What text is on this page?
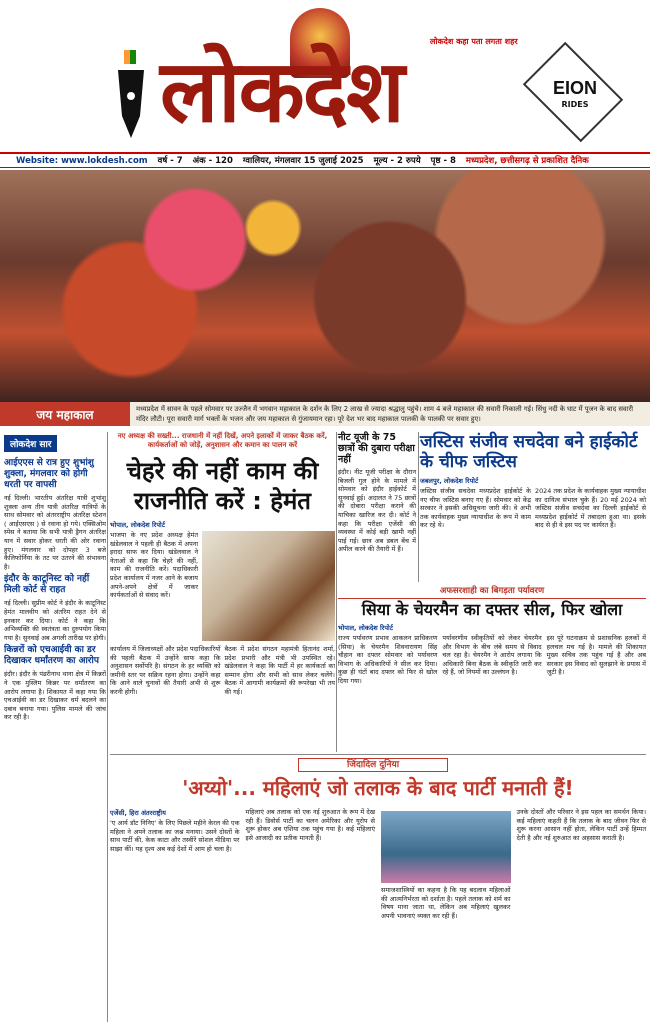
लोकदेश कहा पता लगता शहर
लोकदेश	EION
RIDES
Website: www.lokdesh.com वर्ष - 7 अंक - 120 ग्वालियर, मंगलवार 15 जुलाई 2025 मूल्य - 2 रुपये पृष्ठ - 8 मध्यप्रदेश, छत्तीसगढ़ से प्रकाशित दैनिक
जय महाकाल	मध्यप्रदेश में सावन के पहले सोमवार पर उज्जैन में भगवान महाकाल के दर्शन के लिए 2 लाख से ज्यादा श्रद्धालु पहुंचे। शाम 4 बजे महाकाल की सवारी निकाली गई। सिंधु नदी के घाट में पूजन के बाद सवारी मंदिर लौटी। पूरा सवारी मार्ग भक्तों के भजन और जय महाकाल से गुंजायमान रहा। पूरे देश भर बाद महाकाल पालकी के पालकी पर सवार हुए।
लोकदेश सार
आईएएस से रात्र हुए शुभांशु शुक्ला, मंगलवार को होगी धरती पर वापसी
नई दिल्ली। भारतीय अंतरिक्ष यात्री शुभांशु शुक्ला अन्य तीन यात्री अंतरिक्ष यात्रियों के साथ सोमवार को अंतरराष्ट्रीय अंतरिक्ष स्टेशन ( आईएसएस ) से रवाना हो गये। एक्सिओम स्पेस ने बताया कि सभी यात्री ड्रैगन अंतरिक्ष यान में सवार होकर धरती की ओर रवाना हुए। मंगलवार को दोपहर 3 बजे कैलिफोर्निया के तट पर उतरने की संभावना है।
इंदौर के काटूनिस्ट को नहीं मिली कोर्ट से राहत
नई दिल्ली। सुप्रीम कोर्ट ने इंदौर के काटूनिस्ट हेमंत मालवीय को अंतरिम राहत देने से इनकार कर दिया। कोर्ट ने कहा कि अभिव्यक्ति की स्वतंत्रता का दुरुपयोग किया गया है। सुनवाई अब अगली तारीख पर होगी।
किन्नरों को एचआईवी का डर दिखाकर धर्मांतरण का आरोप
इंदौर। इंदौर के पंढरीनाथ थाना क्षेत्र में किन्नरों ने एक मुस्लिम किन्नर पर धर्मांतरण का आरोप लगाया है। शिकायत में कहा गया कि एचआईवी का डर दिखाकर धर्म बदलने का दबाव बनाया गया। पुलिस मामले की जांच कर रही है।
नए अध्यक्ष की सख्ती... राजधानी में नहीं दिखें, अपने इलाकों में जाकर बैठक करें, कार्यकर्ताओं को जोड़ें, अनुशासन और कमान का पालन करें
चेहरे की नहीं काम की राजनीति करें : हेमंत
भोपाल, लोकदेश रिपोर्ट
भाजपा के नए प्रदेश अध्यक्ष हेमंत खंडेलवाल ने पहली ही बैठक में अपना इरादा साफ कर दिया। खंडेलवाल ने नेताओं से कहा कि चेहरे की नहीं, काम की राजनीति करें। पदाधिकारी प्रदेश कार्यालय में नजर आने के बजाय अपने-अपने क्षेत्रों में जाकर कार्यकर्ताओं से संवाद करें।
कार्यालय में जिलाध्यक्षों और प्रदेश पदाधिकारियों की पहली बैठक में उन्होंने साफ कहा कि अनुशासन सर्वोपरि है। संगठन के हर व्यक्ति को जमीनी स्तर पर सक्रिय रहना होगा। उन्होंने कहा कि आने वाले चुनावों की तैयारी अभी से शुरू करनी होगी।
बैठक में प्रदेश संगठन महामंत्री हितानंद शर्मा, प्रदेश प्रभारी और मंत्री भी उपस्थित रहे। खंडेलवाल ने कहा कि पार्टी में हर कार्यकर्ता का सम्मान होगा और सभी को साथ लेकर चलेंगे। बैठक में आगामी कार्यक्रमों की रूपरेखा भी तय की गई।
नीट यूजी के 75 छात्रों की दुबारा परीक्षा नहीं
इंदौर। नीट यूजी परीक्षा के दौरान बिजली गुल होने के मामले में सोमवार को इंदौर हाईकोर्ट में सुनवाई हुई। अदालत ने 75 छात्रों की दोबारा परीक्षा कराने की याचिका खारिज कर दी। कोर्ट ने कहा कि परीक्षा एजेंसी की व्यवस्था में कोई बड़ी खामी नहीं पाई गई। छात्र अब डबल बेंच में अपील करने की तैयारी में हैं।
जस्टिस संजीव सचदेवा बने हाईकोर्ट के चीफ जस्टिस
जबलपुर, लोकदेश रिपोर्ट
जस्टिस संजीव सचदेवा मध्यप्रदेश हाईकोर्ट के नए चीफ जस्टिस बनाए गए हैं। सोमवार को केंद्र सरकार ने इसकी अधिसूचना जारी की। वे अभी तक कार्यवाहक मुख्य न्यायाधीश के रूप में काम कर रहे थे।
2024 तक प्रदेश के कार्यवाहक मुख्य न्यायाधीश का दायित्व संभाल चुके हैं। 20 मई 2024 को जस्टिस संजीव सचदेवा का दिल्ली हाईकोर्ट से मध्यप्रदेश हाईकोर्ट में तबादला हुआ था। इसके बाद से ही वे इस पद पर कार्यरत हैं।
अफसरशाही का बिगड़ता पर्यावरण
सिया के चेयरमैन का दफ्तर सील, फिर खोला
भोपाल, लोकदेश रिपोर्ट
राज्य पर्यावरण प्रभाव आकलन प्राधिकरण (सिया) के चेयरमैन शिवनारायण सिंह चौहान का दफ्तर सोमवार को पर्यावरण विभाग के अधिकारियों ने सील कर दिया। कुछ ही घंटों बाद दफ्तर को फिर से खोल दिया गया।
पर्यावरणीय स्वीकृतियों को लेकर चेयरमैन और विभाग के बीच लंबे समय से विवाद चल रहा है। चेयरमैन ने आरोप लगाया कि अधिकारी बिना बैठक के स्वीकृति जारी कर रहे हैं, जो नियमों का उल्लंघन है।
इस पूरे घटनाक्रम से प्रशासनिक हलकों में हलचल मच गई है। मामले की शिकायत मुख्य सचिव तक पहुंच गई है और अब सरकार इस विवाद को सुलझाने के प्रयास में जुटी है।
जिंदादिल दुनिया
'अय्यो'... महिलाएं जो तलाक के बाद पार्टी मनाती हैं!
एजेंसी, हिरा अंतरराष्ट्रीय
'ए आर्य डॉट निनिए' के लिए पिछले महीने केरल की एक महिला ने अपने तलाक का जश्न मनाया। उसने दोस्तों के साथ पार्टी की, केक काटा और तस्वीरें सोशल मीडिया पर साझा कीं। यह दृश्य अब कई देशों में आम हो चला है।
महिलाएं अब तलाक को एक नई शुरुआत के रूप में देख रही हैं। डिवोर्स पार्टी का चलन अमेरिका और यूरोप से शुरू होकर अब एशिया तक पहुंच गया है। कई महिलाएं इसे आजादी का प्रतीक मानती हैं।
समाजशास्त्रियों का कहना है कि यह बदलाव महिलाओं की आत्मनिर्भरता को दर्शाता है। पहले तलाक को शर्म का विषय माना जाता था, लेकिन अब महिलाएं खुलकर अपनी भावनाएं व्यक्त कर रही हैं।
उनके दोस्तों और परिवार ने इस पहल का समर्थन किया। कई महिलाएं कहती हैं कि तलाक के बाद जीवन फिर से शुरू करना आसान नहीं होता, लेकिन पार्टी उन्हें हिम्मत देती है और नई शुरुआत का अहसास कराती है।
